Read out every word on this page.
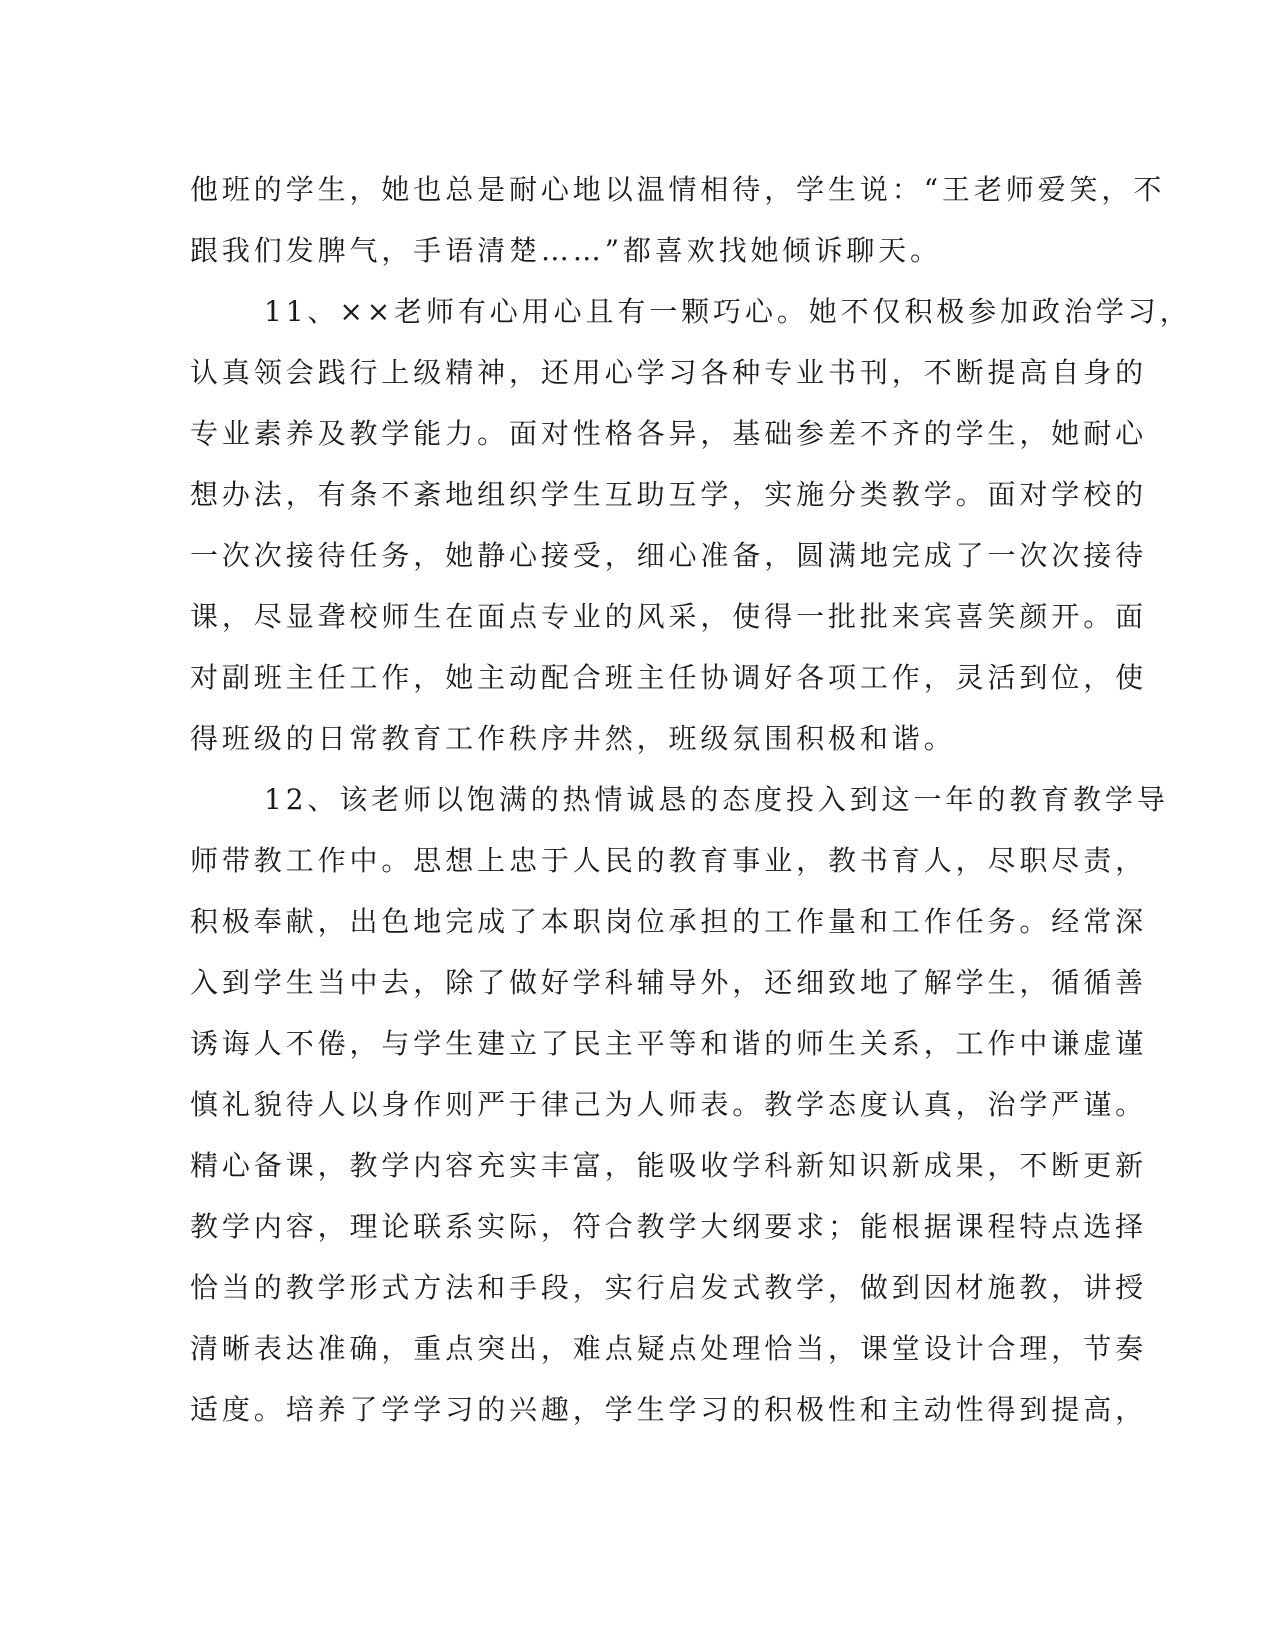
他班的学生，她也总是耐心地以温情相待，学生说：“王老师爱笑，不
跟我们发脾气，手语清楚……”都喜欢找她倾诉聊天。
11、××老师有心用心且有一颗巧心。她不仅积极参加政治学习，
认真领会践行上级精神，还用心学习各种专业书刊，不断提高自身的
专业素养及教学能力。面对性格各异，基础参差不齐的学生，她耐心
想办法，有条不紊地组织学生互助互学，实施分类教学。面对学校的
一次次接待任务，她静心接受，细心准备，圆满地完成了一次次接待
课，尽显聋校师生在面点专业的风采，使得一批批来宾喜笑颜开。面
对副班主任工作，她主动配合班主任协调好各项工作，灵活到位，使
得班级的日常教育工作秩序井然，班级氛围积极和谐。
12、该老师以饱满的热情诚恳的态度投入到这一年的教育教学导
师带教工作中。思想上忠于人民的教育事业，教书育人，尽职尽责，
积极奉献，出色地完成了本职岗位承担的工作量和工作任务。经常深
入到学生当中去，除了做好学科辅导外，还细致地了解学生，循循善
诱诲人不倦，与学生建立了民主平等和谐的师生关系，工作中谦虚谨
慎礼貌待人以身作则严于律己为人师表。教学态度认真，治学严谨。
精心备课，教学内容充实丰富，能吸收学科新知识新成果，不断更新
教学内容，理论联系实际，符合教学大纲要求；能根据课程特点选择
恰当的教学形式方法和手段，实行启发式教学，做到因材施教，讲授
清晰表达准确，重点突出，难点疑点处理恰当，课堂设计合理，节奏
适度。培养了学学习的兴趣，学生学习的积极性和主动性得到提高，
